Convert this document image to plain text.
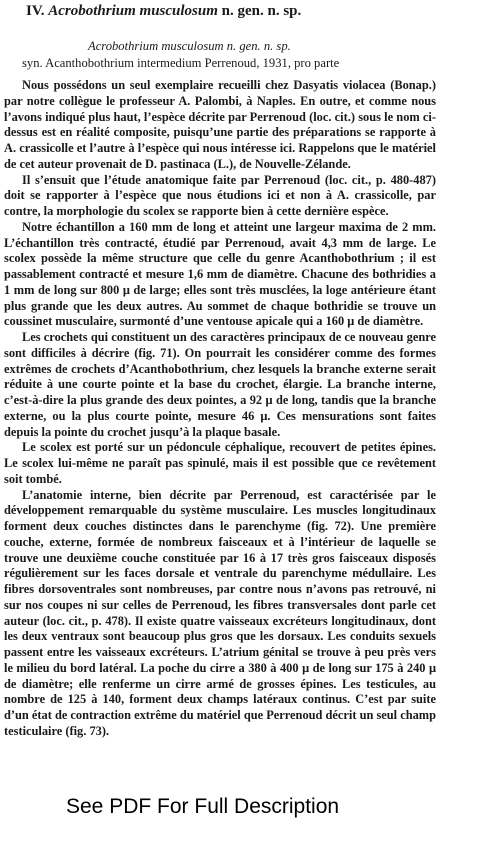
IV. Acrobothrium musculosum n. gen. n. sp.
Acrobothrium musculosum n. gen. n. sp.
syn. Acanthobothrium intermedium Perrenoud, 1931, pro parte

Nous possédons un seul exemplaire recueilli chez Dasyatis violacea (Bonap.) par notre collègue le professeur A. Palombi, à Naples. En outre, et comme nous l’avons indiqué plus haut, l’espèce décrite par Perrenoud (loc. cit.) sous le nom ci-dessus est en réalité composite, puisqu’une partie des préparations se rapporte à A. crassicolle et l’autre à l’espèce qui nous intéresse ici. Rappelons que le matériel de cet auteur provenait de D. pastinaca (L.), de Nouvelle-Zélande.

Il s’ensuit que l’étude anatomique faite par Perrenoud (loc. cit., p. 480-487) doit se rapporter à l’espèce que nous étudions ici et non à A. crassicolle, par contre, la morphologie du scolex se rapporte bien à cette dernière espèce.

Notre échantillon a 160 mm de long et atteint une largeur maxima de 2 mm. L’échantillon très contracté, étudié par Perrenoud, avait 4,3 mm de large. Le scolex possède la même structure que celle du genre Acanthobothrium ; il est passablement contracté et mesure 1,6 mm de diamètre. Chacune des bothridies a 1 mm de long sur 800 μ de large; elles sont très musclées, la loge antérieure étant plus grande que les deux autres. Au sommet de chaque bothridie se trouve un coussinet musculaire, surmonté d’une ventouse apicale qui a 160 μ de diamètre.

Les crochets qui constituent un des caractères principaux de ce nouveau genre sont difficiles à décrire (fig. 71). On pourrait les considérer comme des formes extrêmes de crochets d’Acanthobothrium, chez lesquels la branche externe serait réduite à une courte pointe et la base du crochet, élargie. La branche interne, c’est-à-dire la plus grande des deux pointes, a 92 μ de long, tandis que la branche externe, ou la plus courte pointe, mesure 46 μ. Ces mensurations sont faites depuis la pointe du crochet jusqu’à la plaque basale.

Le scolex est porté sur un pédoncule céphalique, recouvert de petites épines. Le scolex lui-même ne paraît pas spinulé, mais il est possible que ce revêtement soit tombé.

L’anatomie interne, bien décrite par Perrenoud, est caractérisée par le développement remarquable du système musculaire. Les muscles longitudinaux forment deux couches distinctes dans le parenchyme (fig. 72). Une première couche, externe, formée de nombreux faisceaux et à l’intérieur de laquelle se trouve une deuxième couche constituée par 16 à 17 très gros faisceaux disposés régulièrement sur les faces dorsale et ventrale du parenchyme médullaire. Les fibres dorsoventrales sont nombreuses, par contre nous n’avons pas retrouvé, ni sur nos coupes ni sur celles de Perrenoud, les fibres transversales dont parle cet auteur (loc. cit., p. 478). Il existe quatre vaisseaux excréteurs longitudinaux, dont les deux ventraux sont beaucoup plus gros que les dorsaux. Les conduits sexuels passent entre les vaisseaux excréteurs. L’atrium génital se trouve à peu près vers le milieu du bord latéral. La poche du cirre a 380 à 400 μ de long sur 175 à 240 μ de diamètre; elle renferme un cirre armé de grosses épines. Les testicules, au nombre de 125 à 140, forment deux champs latéraux continus. C’est par suite d’un état de contraction extrême du matériel que Perrenoud décrit un seul champ testiculaire (fig. 73).

See PDF For Full Description
